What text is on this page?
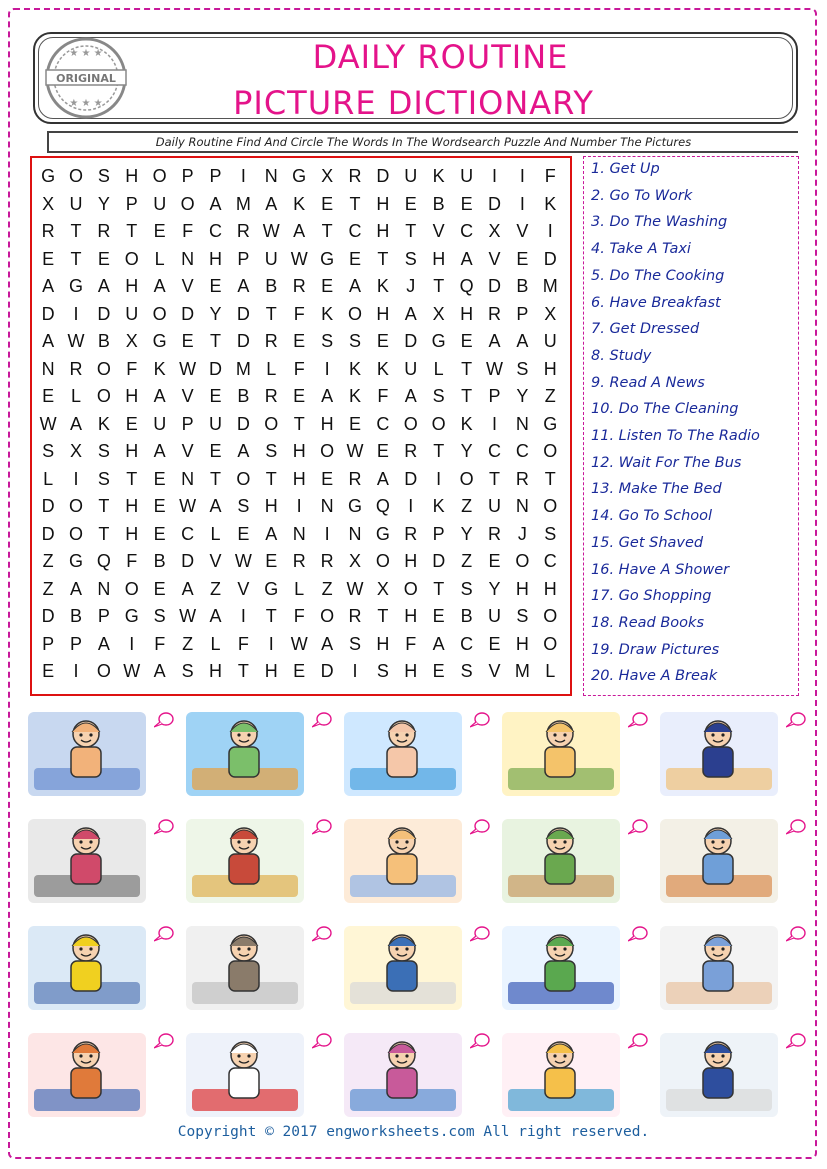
ORIGINAL
★ ★ ★
★ ★ ★
DAILY ROUTINE
PICTURE DICTIONARY
Daily Routine Find And Circle The Words In The Wordsearch Puzzle And Number The Pictures
G O S H O P P	I	N G X R D U K U	I	I	F
X U Y P U O A M A K E T H E B E D	I	K
R T R T E F C R W A T C H T V C X V	I
E T E O L N H P U W G E T S H A V E D
A G A H A V E A B R E A K J T Q D B M
D	I	D U O D Y D T F K O H A X H R P X
A W B X G E T D R E S S E D G E A A U
N R O F K W D M L F	I	K K U L T W S H
E L O H A V E B R E A K F A S T P Y Z
W A K E U P U D O T H E C O O K	I	N G
S X S H A V E A S H O W E R T Y C C O
L	I	S T E N T O T H E R A D	I	O T R T
D O T H E W A S H	I	N G Q	I	K Z U N O
D O T H E C L E A N	I	N G R P Y R J S
Z G Q F B D V W E R R X O H D Z E O C
Z A N O E A Z V G L Z W X O T S Y H H
D B P G S W A	I	T F O R T H E B U S O
P P A	I	F Z L F	I W A S H F A C E H O
E	I	O W A S H T H E D	I	S H E S V M L
1. Get Up
2. Go To Work
3. Do The Washing
4. Take A Taxi
5. Do The Cooking
6. Have Breakfast
7. Get Dressed
8. Study
9. Read A News
10. Do The Cleaning
11. Listen To The Radio
12. Wait For The Bus
13. Make The Bed
14. Go To School
15. Get Shaved
16. Have A Shower
17. Go Shopping
18. Read Books
19. Draw Pictures
20. Have A Break
Copyright © 2017 engworksheets.com All right reserved.
